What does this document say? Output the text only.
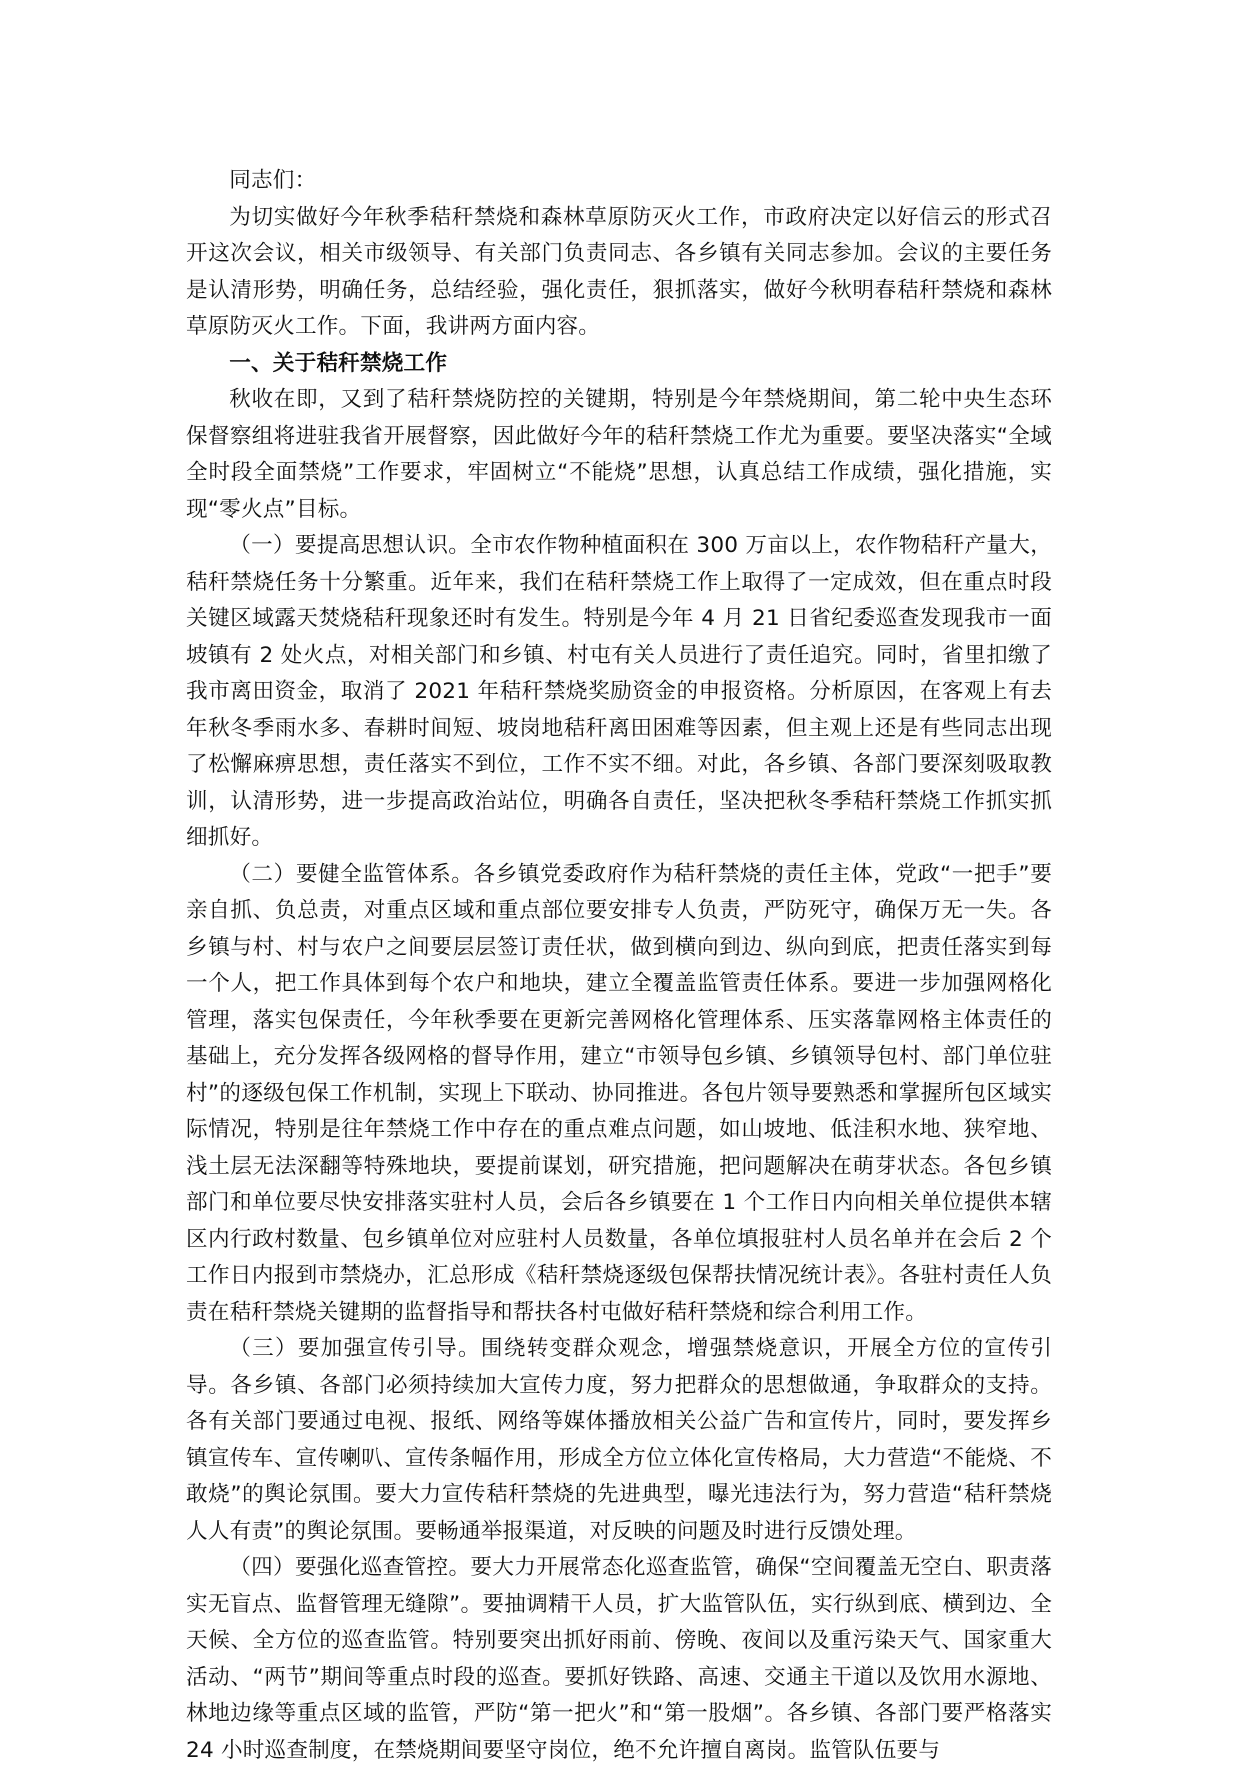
同志们：

为切实做好今年秋季秸秆禁烧和森林草原防灭火工作，市政府决定以好信云的形式召开这次会议，相关市级领导、有关部门负责同志、各乡镇有关同志参加。会议的主要任务是认清形势，明确任务，总结经验，强化责任，狠抓落实，做好今秋明春秸秆禁烧和森林草原防灭火工作。下面，我讲两方面内容。

一、关于秸秆禁烧工作

秋收在即，又到了秸秆禁烧防控的关键期，特别是今年禁烧期间，第二轮中央生态环保督察组将进驻我省开展督察，因此做好今年的秸秆禁烧工作尤为重要。要坚决落实“全域全时段全面禁烧”工作要求，牢固树立“不能烧”思想，认真总结工作成绩，强化措施，实现“零火点”目标。

（一）要提高思想认识。全市农作物种植面积在 300 万亩以上，农作物秸秆产量大，秸秆禁烧任务十分繁重。近年来，我们在秸秆禁烧工作上取得了一定成效，但在重点时段关键区域露天焚烧秸秆现象还时有发生。特别是今年 4 月 21 日省纪委巡查发现我市一面坡镇有 2 处火点，对相关部门和乡镇、村屯有关人员进行了责任追究。同时，省里扣缴了我市离田资金，取消了 2021 年秸秆禁烧奖励资金的申报资格。分析原因，在客观上有去年秋冬季雨水多、春耕时间短、坡岗地秸秆离田困难等因素，但主观上还是有些同志出现了松懈麻痹思想，责任落实不到位，工作不实不细。对此，各乡镇、各部门要深刻吸取教训，认清形势，进一步提高政治站位，明确各自责任，坚决把秋冬季秸秆禁烧工作抓实抓细抓好。

（二）要健全监管体系。各乡镇党委政府作为秸秆禁烧的责任主体，党政“一把手”要亲自抓、负总责，对重点区域和重点部位要安排专人负责，严防死守，确保万无一失。各乡镇与村、村与农户之间要层层签订责任状，做到横向到边、纵向到底，把责任落实到每一个人，把工作具体到每个农户和地块，建立全覆盖监管责任体系。要进一步加强网格化管理，落实包保责任，今年秋季要在更新完善网格化管理体系、压实落靠网格主体责任的基础上，充分发挥各级网格的督导作用，建立“市领导包乡镇、乡镇领导包村、部门单位驻村”的逐级包保工作机制，实现上下联动、协同推进。各包片领导要熟悉和掌握所包区域实际情况，特别是往年禁烧工作中存在的重点难点问题，如山坡地、低洼积水地、狭窄地、浅土层无法深翻等特殊地块，要提前谋划，研究措施，把问题解决在萌芽状态。各包乡镇部门和单位要尽快安排落实驻村人员，会后各乡镇要在 1 个工作日内向相关单位提供本辖区内行政村数量、包乡镇单位对应驻村人员数量，各单位填报驻村人员名单并在会后 2 个工作日内报到市禁烧办，汇总形成《秸秆禁烧逐级包保帮扶情况统计表》。各驻村责任人负责在秸秆禁烧关键期的监督指导和帮扶各村屯做好秸秆禁烧和综合利用工作。

（三）要加强宣传引导。围绕转变群众观念，增强禁烧意识，开展全方位的宣传引导。各乡镇、各部门必须持续加大宣传力度，努力把群众的思想做通，争取群众的支持。各有关部门要通过电视、报纸、网络等媒体播放相关公益广告和宣传片，同时，要发挥乡镇宣传车、宣传喇叭、宣传条幅作用，形成全方位立体化宣传格局，大力营造“不能烧、不敢烧”的舆论氛围。要大力宣传秸秆禁烧的先进典型，曝光违法行为，努力营造“秸秆禁烧人人有责”的舆论氛围。要畅通举报渠道，对反映的问题及时进行反馈处理。

（四）要强化巡查管控。要大力开展常态化巡查监管，确保“空间覆盖无空白、职责落实无盲点、监督管理无缝隙”。要抽调精干人员，扩大监管队伍，实行纵到底、横到边、全天候、全方位的巡查监管。特别要突出抓好雨前、傍晚、夜间以及重污染天气、国家重大活动、“两节”期间等重点时段的巡查。要抓好铁路、高速、交通主干道以及饮用水源地、林地边缘等重点区域的监管，严防“第一把火”和“第一股烟”。各乡镇、各部门要严格落实 24 小时巡查制度，在禁烧期间要坚守岗位，绝不允许擅自离岗。监管队伍要与
